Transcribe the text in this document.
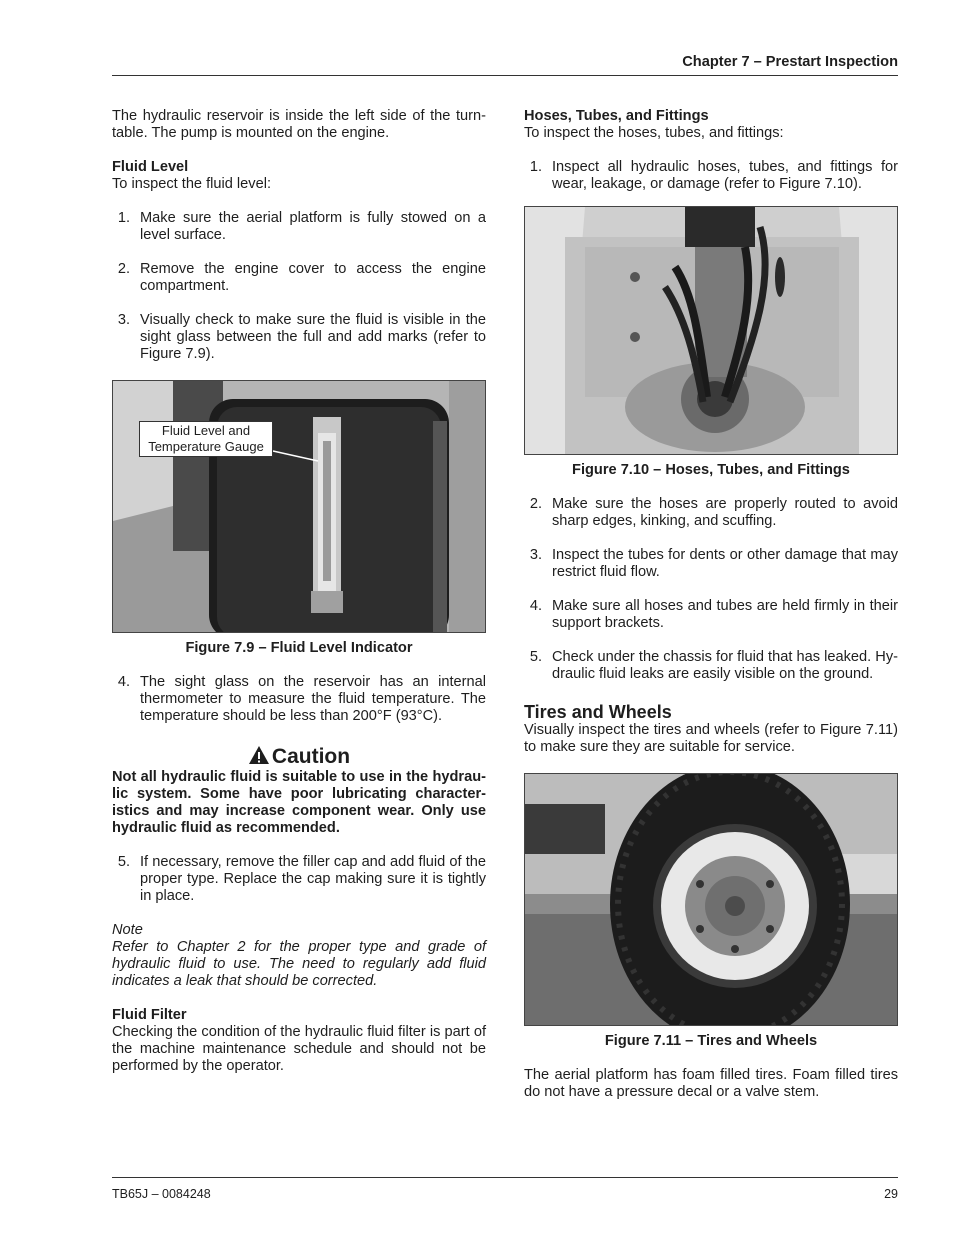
Chapter 7 – Prestart Inspection

The hydraulic reservoir is inside the left side of the turn-table. The pump is mounted on the engine.

Fluid Level

To inspect the fluid level:

1. Make sure the aerial platform is fully stowed on a level surface.
2. Remove the engine cover to access the engine compartment.
3. Visually check to make sure the fluid is visible in the sight glass between the full and add marks (refer to Figure 7.9).
Fluid Level and Temperature Gauge
Figure 7.9 – Fluid Level Indicator
4. The sight glass on the reservoir has an internal thermometer to measure the fluid temperature. The temperature should be less than 200°F (93°C).
Caution

Not all hydraulic fluid is suitable to use in the hydrau-lic system. Some have poor lubricating character-istics and may increase component wear. Only use hydraulic fluid as recommended.

5. If necessary, remove the filler cap and add fluid of the proper type. Replace the cap making sure it is tightly in place.
Note

Refer to Chapter 2 for the proper type and grade of hydraulic fluid to use. The need to regularly add fluid indicates a leak that should be corrected.

Fluid Filter

Checking the condition of the hydraulic fluid filter is part of the machine maintenance schedule and should not be performed by the operator.

Hoses, Tubes, and Fittings

To inspect the hoses, tubes, and fittings:

1. Inspect all hydraulic hoses, tubes, and fittings for wear, leakage, or damage (refer to Figure 7.10).
Figure 7.10 – Hoses, Tubes, and Fittings
2. Make sure the hoses are properly routed to avoid sharp edges, kinking, and scuffing.
3. Inspect the tubes for dents or other damage that may restrict fluid flow.
4. Make sure all hoses and tubes are held firmly in their support brackets.
5. Check under the chassis for fluid that has leaked. Hy-draulic fluid leaks are easily visible on the ground.
Tires and Wheels

Visually inspect the tires and wheels (refer to Figure 7.11) to make sure they are suitable for service.

Figure 7.11 – Tires and Wheels

The aerial platform has foam filled tires. Foam filled tires do not have a pressure decal or a valve stem.

TB65J – 0084248	29
